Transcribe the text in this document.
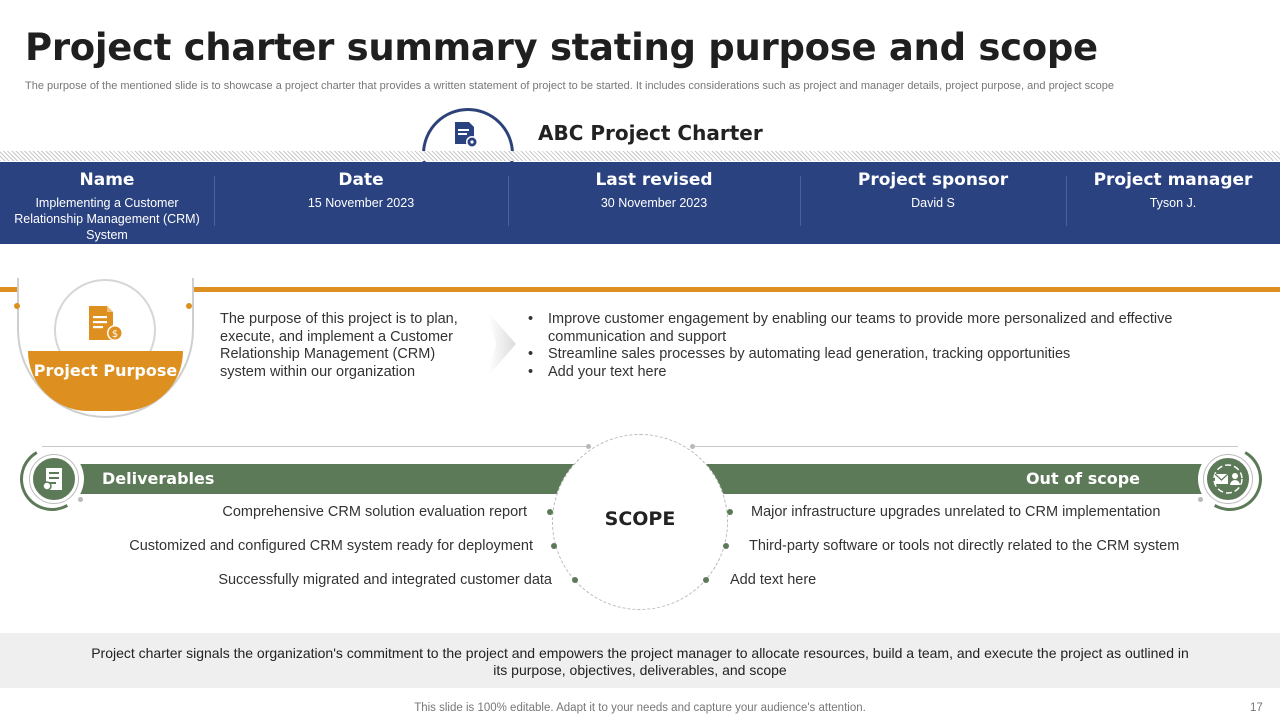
Project charter summary stating purpose and scope
The purpose of the mentioned slide is to showcase a project charter that provides a written statement of project to be started. It includes considerations such as project and manager details, project purpose, and project scope
ABC Project Charter
Name
Implementing a Customer Relationship Management (CRM) System
Date
15 November 2023
Last revised
30 November 2023
Project sponsor
David S
Project manager
Tyson J.
$
Project Purpose
The purpose of this project is to plan, execute, and implement a Customer Relationship Management (CRM) system within our organization
• Improve customer engagement by enabling our teams to provide more personalized and effective communication and support
• Streamline sales processes by automating lead generation, tracking opportunities
• Add your text here
Deliverables	Out of scope
SCOPE
Comprehensive CRM solution evaluation report
Customized and configured CRM system ready for deployment
Successfully migrated and integrated customer data
Major infrastructure upgrades unrelated to CRM implementation
Third-party software or tools not directly related to the CRM system
Add text here
Project charter signals the organization's commitment to the project and empowers the project manager to allocate resources, build a team, and execute the project as outlined in its purpose, objectives, deliverables, and scope
This slide is 100% editable. Adapt it to your needs and capture your audience's attention.	17
